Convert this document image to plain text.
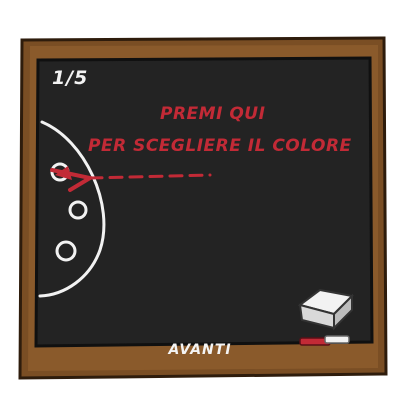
1/5
PREMI QUI
PER SCEGLIERE IL COLORE
AVANTI
